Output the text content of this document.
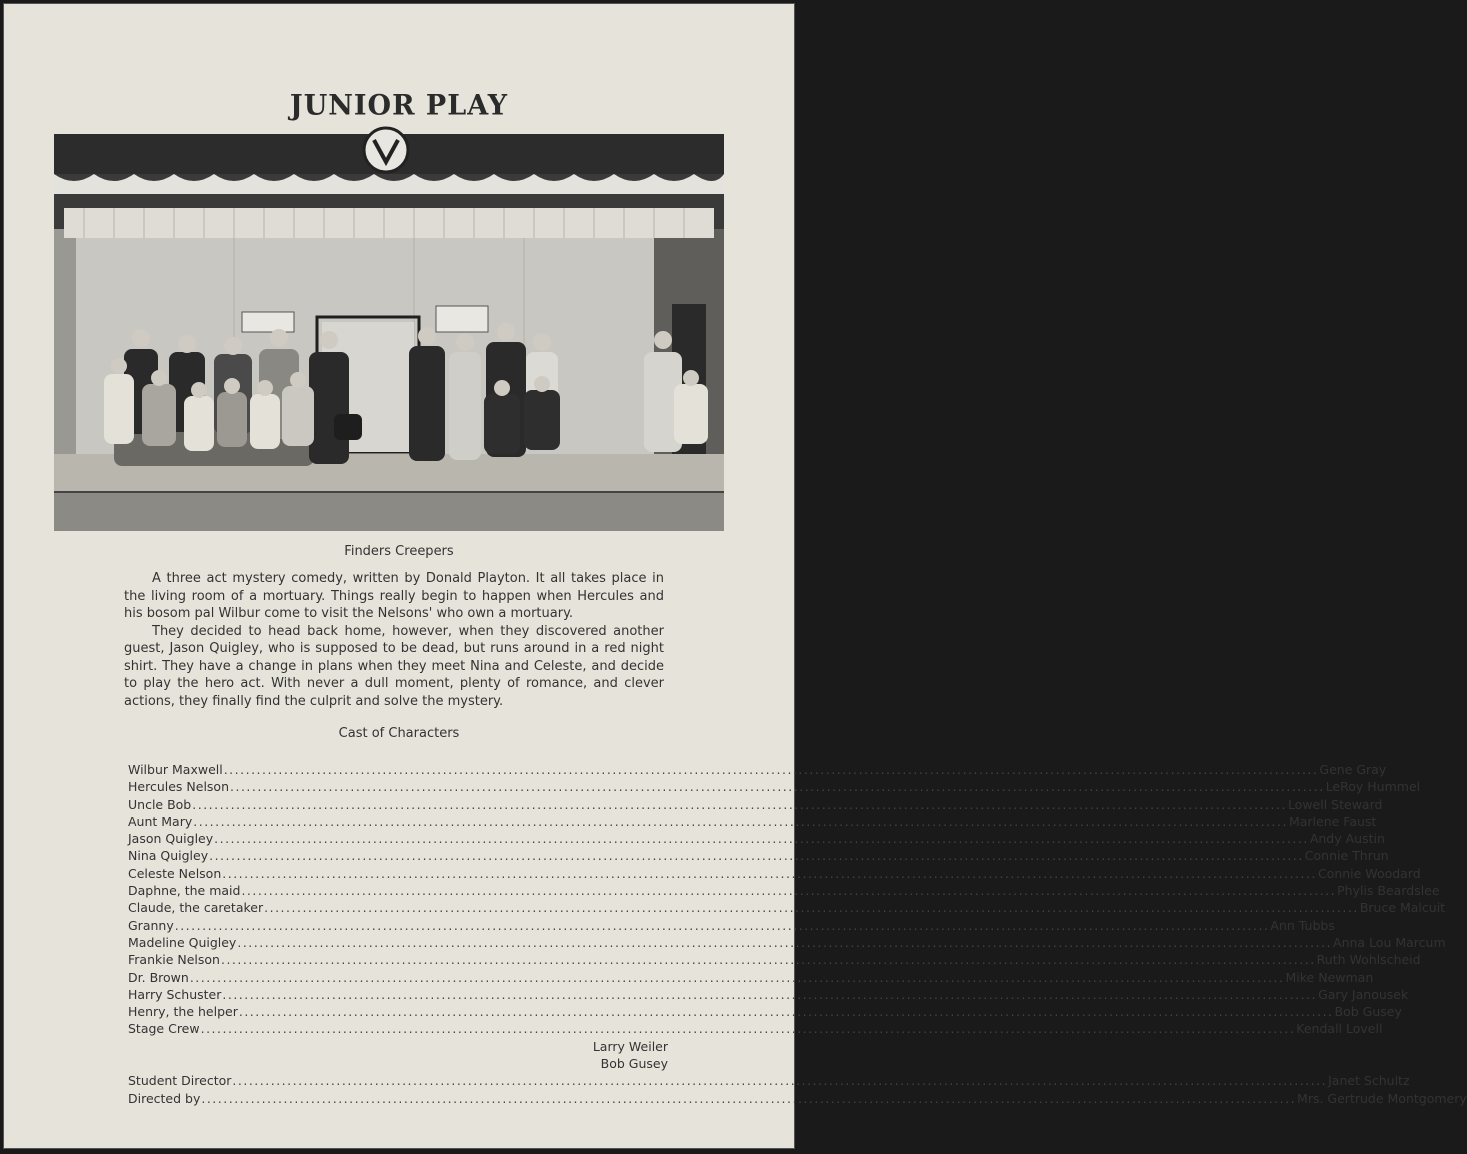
JUNIOR PLAY
Finders Creepers

A three act mystery comedy, written by Donald Playton. It all takes place in the living room of a mortuary. Things really begin to happen when Hercules and his bosom pal Wilbur come to visit the Nelsons' who own a mortuary.

They decided to head back home, however, when they discovered another guest, Jason Quigley, who is supposed to be dead, but runs around in a red night shirt. They have a change in plans when they meet Nina and Celeste, and decide to play the hero act. With never a dull moment, plenty of romance, and clever actions, they finally find the culprit and solve the mystery.

Cast of Characters
Wilbur Maxwell ........................................................................................................................................................................................................ Gene Gray
Hercules Nelson ........................................................................................................................................................................................................ LeRoy Hummel
Uncle Bob ........................................................................................................................................................................................................ Lowell Steward
Aunt Mary ........................................................................................................................................................................................................ Marlene Faust
Jason Quigley ........................................................................................................................................................................................................ Andy Austin
Nina Quigley ........................................................................................................................................................................................................ Connie Thrun
Celeste Nelson ........................................................................................................................................................................................................ Connie Woodard
Daphne, the maid ........................................................................................................................................................................................................ Phylis Beardslee
Claude, the caretaker ........................................................................................................................................................................................................ Bruce Malcuit
Granny ........................................................................................................................................................................................................ Ann Tubbs
Madeline Quigley ........................................................................................................................................................................................................ Anna Lou Marcum
Frankie Nelson ........................................................................................................................................................................................................ Ruth Wohlscheid
Dr. Brown ........................................................................................................................................................................................................ Mike Newman
Harry Schuster ........................................................................................................................................................................................................ Gary Janousek
Henry, the helper ........................................................................................................................................................................................................ Bob Gusey
Stage Crew ........................................................................................................................................................................................................ Kendall Lovell
Larry Weiler
Bob Gusey
Student Director ........................................................................................................................................................................................................ Janet Schultz
Directed by ........................................................................................................................................................................................................ Mrs. Gertrude Montgomery
